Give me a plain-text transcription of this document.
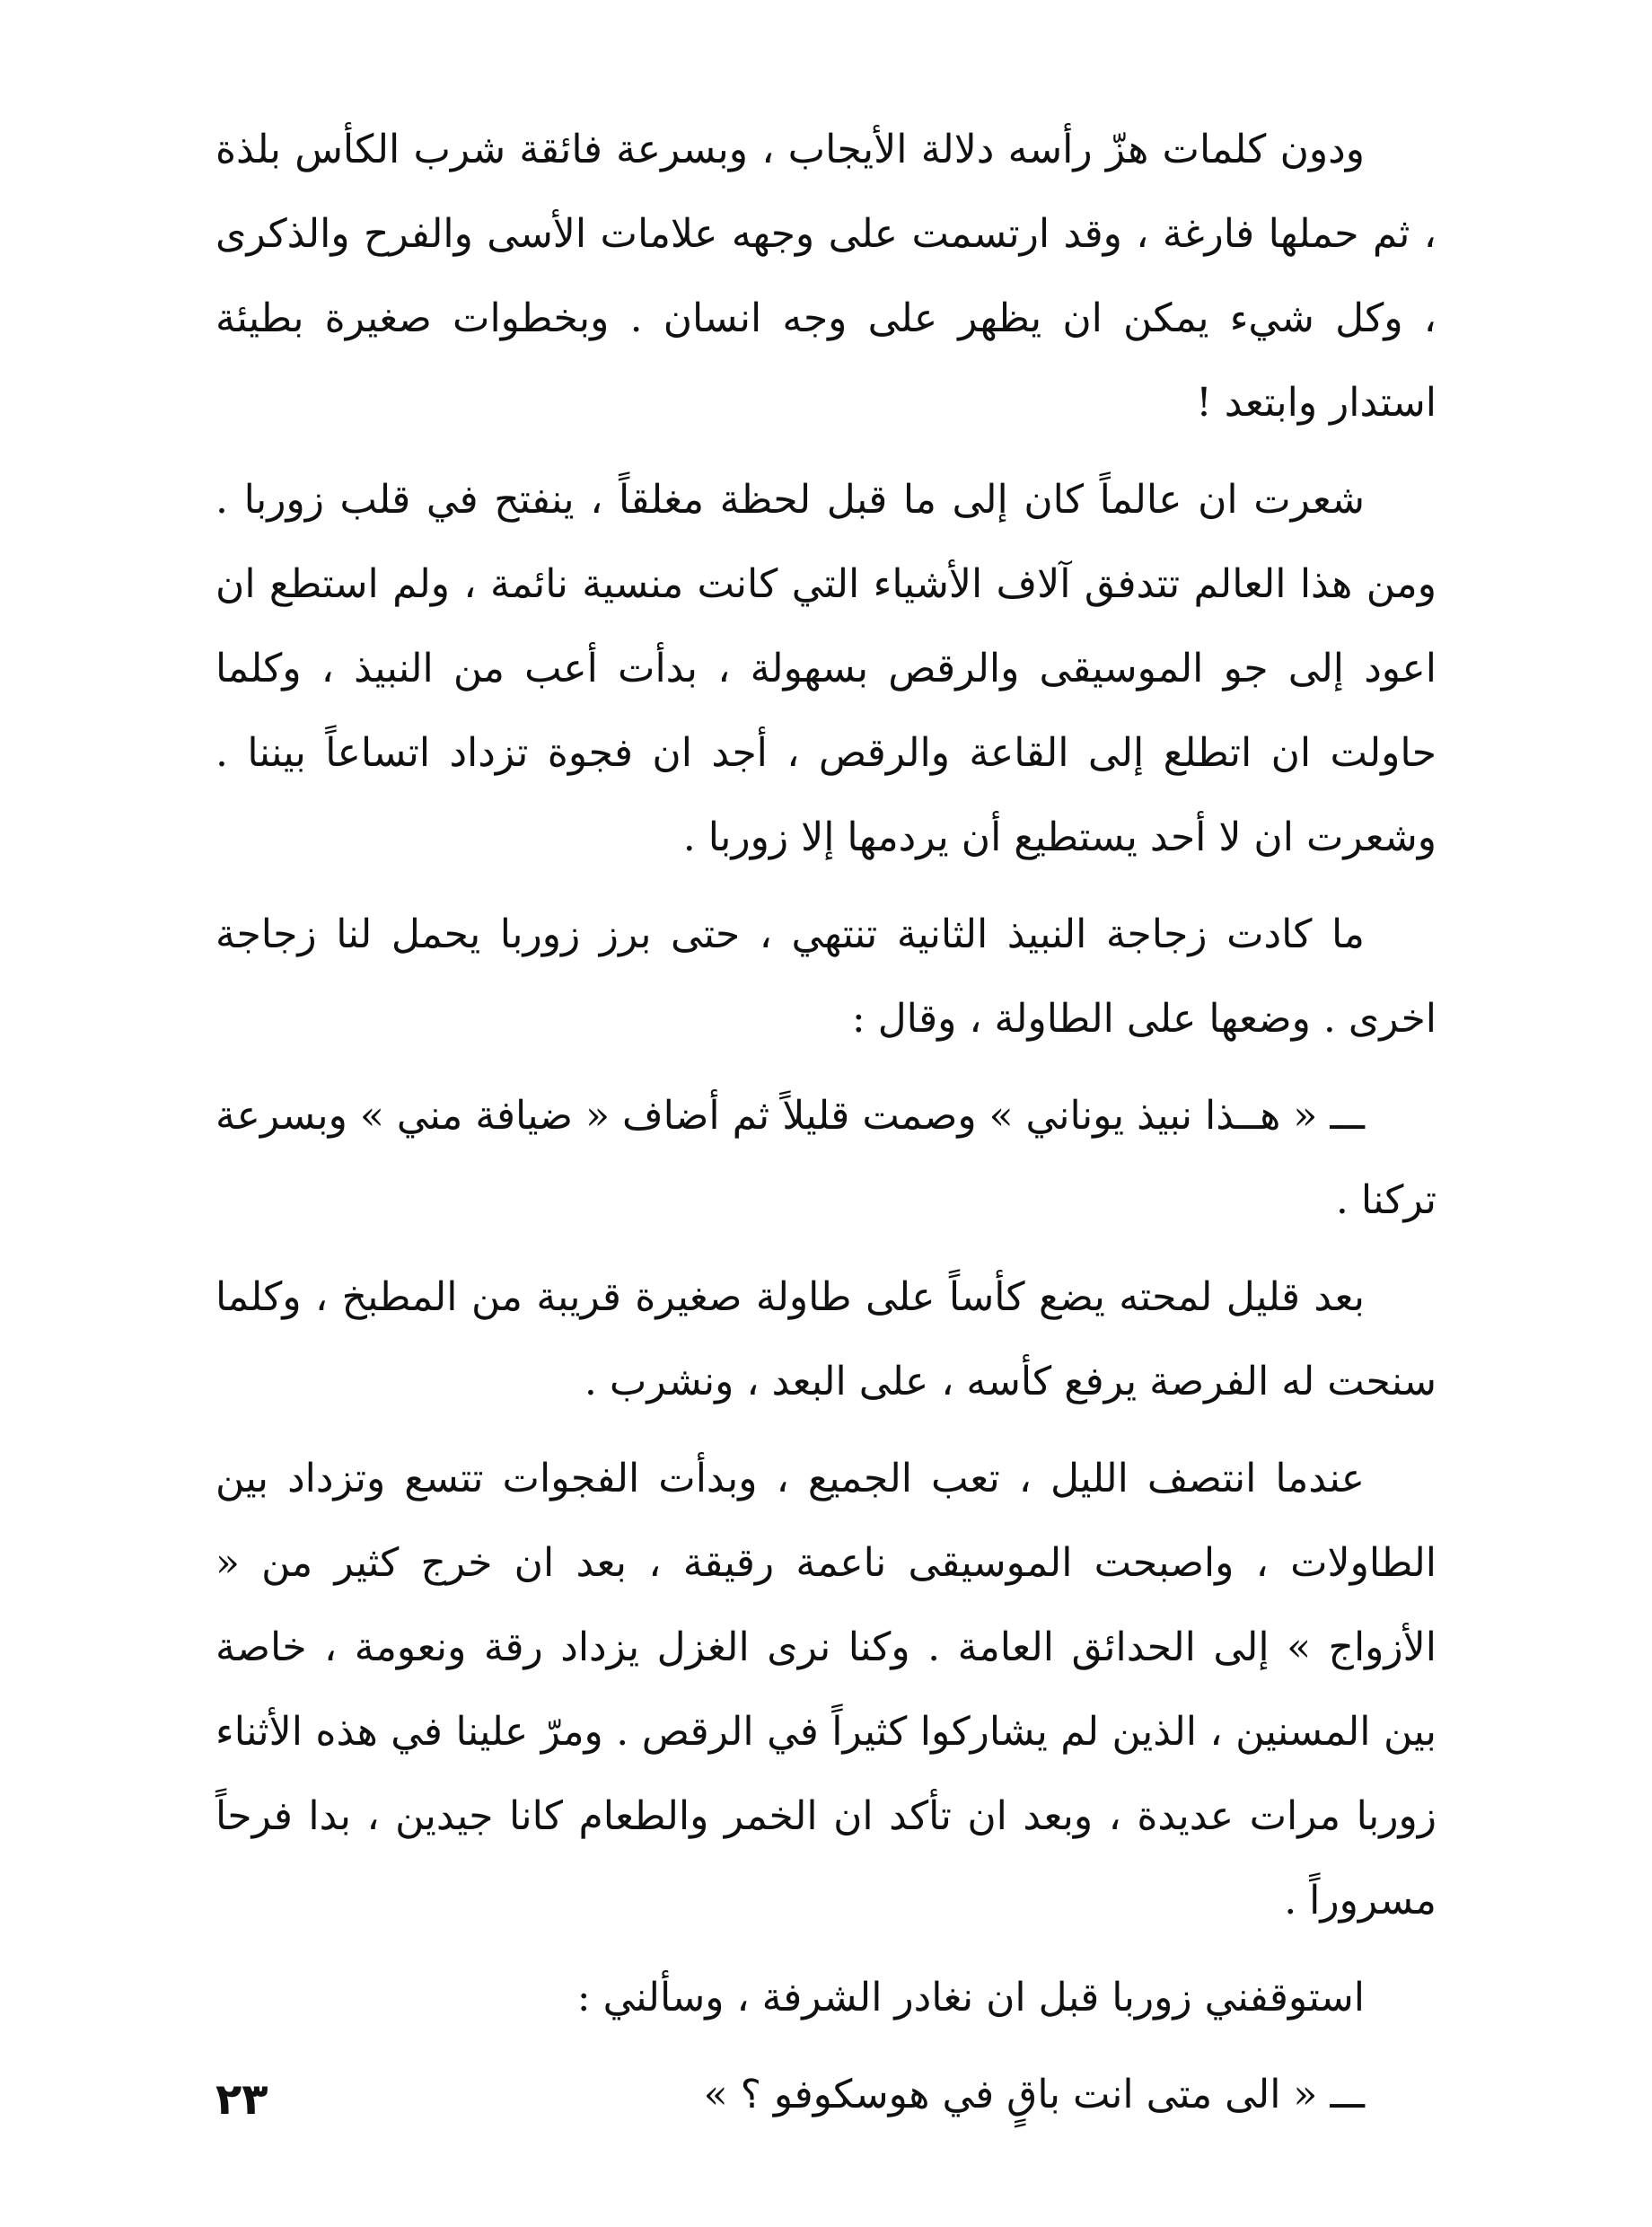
ودون كلمات هزّ رأسه دلالة الأيجاب ، وبسرعة فائقة شرب الكأس بلذة ، ثم حملها فارغة ، وقد ارتسمت على وجهه علامات الأسى والفرح والذكرى ، وكل شيء يمكن ان يظهر على وجه انسان . وبخطوات صغيرة بطيئة استدار وابتعد !

شعرت ان عالماً كان إلى ما قبل لحظة مغلقاً ، ينفتح في قلب زوربا . ومن هذا العالم تتدفق آلاف الأشياء التي كانت منسية نائمة ، ولم استطع ان اعود إلى جو الموسيقى والرقص بسهولة ، بدأت أعب من النبيذ ، وكلما حاولت ان اتطلع إلى القاعة والرقص ، أجد ان فجوة تزداد اتساعاً بيننا . وشعرت ان لا أحد يستطيع أن يردمها إلا زوربا .

ما كادت زجاجة النبيذ الثانية تنتهي ، حتى برز زوربا يحمل لنا زجاجة اخرى . وضعها على الطاولة ، وقال :

ـــ « هــذا نبيذ يوناني » وصمت قليلاً ثم أضاف « ضيافة مني » وبسرعة تركنا .

بعد قليل لمحته يضع كأساً على طاولة صغيرة قريبة من المطبخ ، وكلما سنحت له الفرصة يرفع كأسه ، على البعد ، ونشرب .

عندما انتصف الليل ، تعب الجميع ، وبدأت الفجوات تتسع وتزداد بين الطاولات ، واصبحت الموسيقى ناعمة رقيقة ، بعد ان خرج كثير من « الأزواج » إلى الحدائق العامة . وكنا نرى الغزل يزداد رقة ونعومة ، خاصة بين المسنين ، الذين لم يشاركوا كثيراً في الرقص . ومرّ علينا في هذه الأثناء زوربا مرات عديدة ، وبعد ان تأكد ان الخمر والطعام كانا جيدين ، بدا فرحاً مسروراً .

استوقفني زوربا قبل ان نغادر الشرفة ، وسألني :

ـــ « الى متى انت باقٍ في هوسكوفو ؟ »

٢٣
